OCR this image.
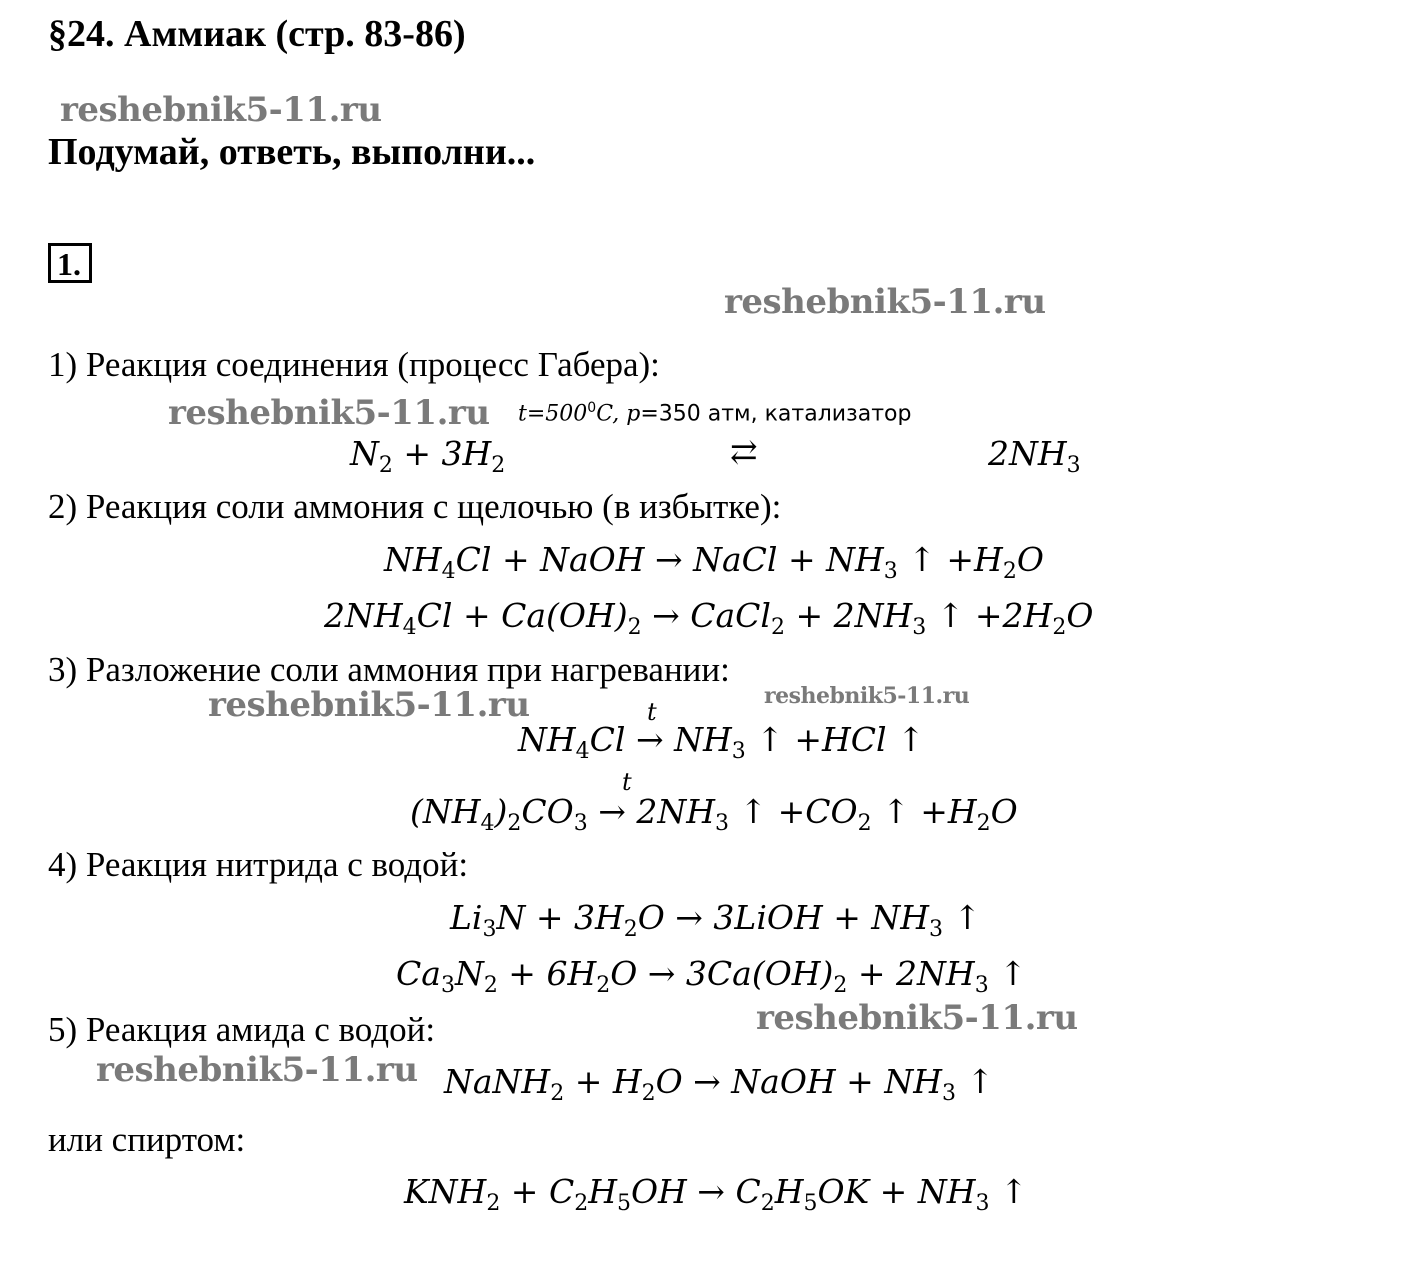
§24. Аммиак (стр. 83-86)
reshebnik5-11.ru
Подумай, ответь, выполни...
1.
reshebnik5-11.ru
1) Реакция соединения (процесс Габера):
reshebnik5-11.ru $t=500^0C$, p=350 атм, катализатор
$N_2 + 3H_2$	⇄	$2NH_3$
2) Реакция соли аммония с щелочью (в избытке):
$NH_4Cl$ + NaOH → NaCl + $NH_3$ ↑ $+H_2O$
$2NH_4Cl + Ca(OH)_2$ → CaCl$_2$ + $2NH_3$ ↑ $+2H_2O$
3) Разложение соли аммония при нагревании:
reshebnik5-11.ru	reshebnik5-11.ru
t
$NH_4Cl \to NH_3$ ↑ +HCl ↑
t
$(NH_4)_2CO_3 \to 2NH_3$ ↑ $+CO_2$ ↑ $+H_2O$
4) Реакция нитрида с водой:
$Li_3N + 3H_2O$ → 3LiOH + $NH_3$ ↑
$Ca_3N_2 + 6H_2O \to 3Ca(OH)_2 + 2NH_3$ ↑
reshebnik5-11.ru
5) Реакция амида с водой:
reshebnik5-11.ru NaNH$_2$ + $H_2O$ → NaOH + $NH_3$ ↑
или спиртом:
$KNH_2 + C_2H_5OH \to C_2H_5OK + NH_3$ ↑
